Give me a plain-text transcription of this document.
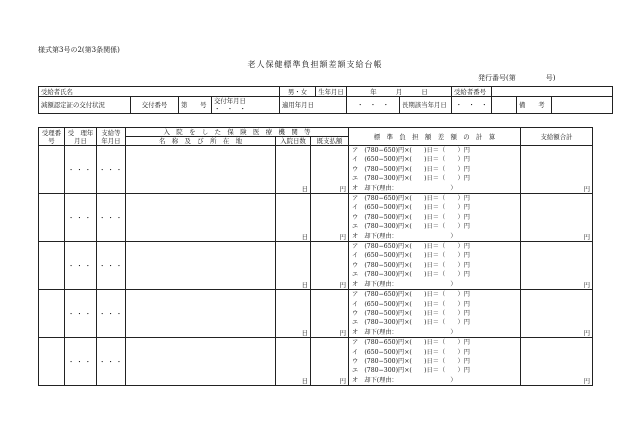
様式第3号の2(第3条関係)
老人保健標準負担額差額支給台帳
発行番号(第	号)
受給者氏名				男・女	生年月日	年　　　 月　　　 日		受給者番号			
減額認定証の交付状況	交付番号	第　　 号	交付年月日 ・　・　・	適用年月日		・　・　・	長期該当年月日	・　・　・		備　　考	
受理番号	受　理年月日	支給等年月日	入　院　を　し　た　保　険　医　療　機　関　等			標　準　負　担　額　差　額　の　計　算	支給額合計
			名　称　及　び　所　在　地	入院日数	既支払額		
	・・・	・・・		日	円	ア　(780−650)円×(　　)日＝（　　）円
イ　(650−500)円×(　　)日＝（　　）円
ウ　(780−500)円×(　　)日＝（　　）円
エ　(780−300)円×(　　)日＝（　　）円
オ　却下(理由：　　　　　　　　　）	円
	・・・	・・・		日	円	ア　(780−650)円×(　　)日＝（　　）円
イ　(650−500)円×(　　)日＝（　　）円
ウ　(780−500)円×(　　)日＝（　　）円
エ　(780−300)円×(　　)日＝（　　）円
オ　却下(理由：　　　　　　　　　）	円
	・・・	・・・		日	円	ア　(780−650)円×(　　)日＝（　　）円
イ　(650−500)円×(　　)日＝（　　）円
ウ　(780−500)円×(　　)日＝（　　）円
エ　(780−300)円×(　　)日＝（　　）円
オ　却下(理由：　　　　　　　　　）	円
	・・・	・・・		日	円	ア　(780−650)円×(　　)日＝（　　）円
イ　(650−500)円×(　　)日＝（　　）円
ウ　(780−500)円×(　　)日＝（　　）円
エ　(780−300)円×(　　)日＝（　　）円
オ　却下(理由：　　　　　　　　　）	円
	・・・	・・・		日	円	ア　(780−650)円×(　　)日＝（　　）円
イ　(650−500)円×(　　)日＝（　　）円
ウ　(780−500)円×(　　)日＝（　　）円
エ　(780−300)円×(　　)日＝（　　）円
オ　却下(理由：　　　　　　　　　）	円
